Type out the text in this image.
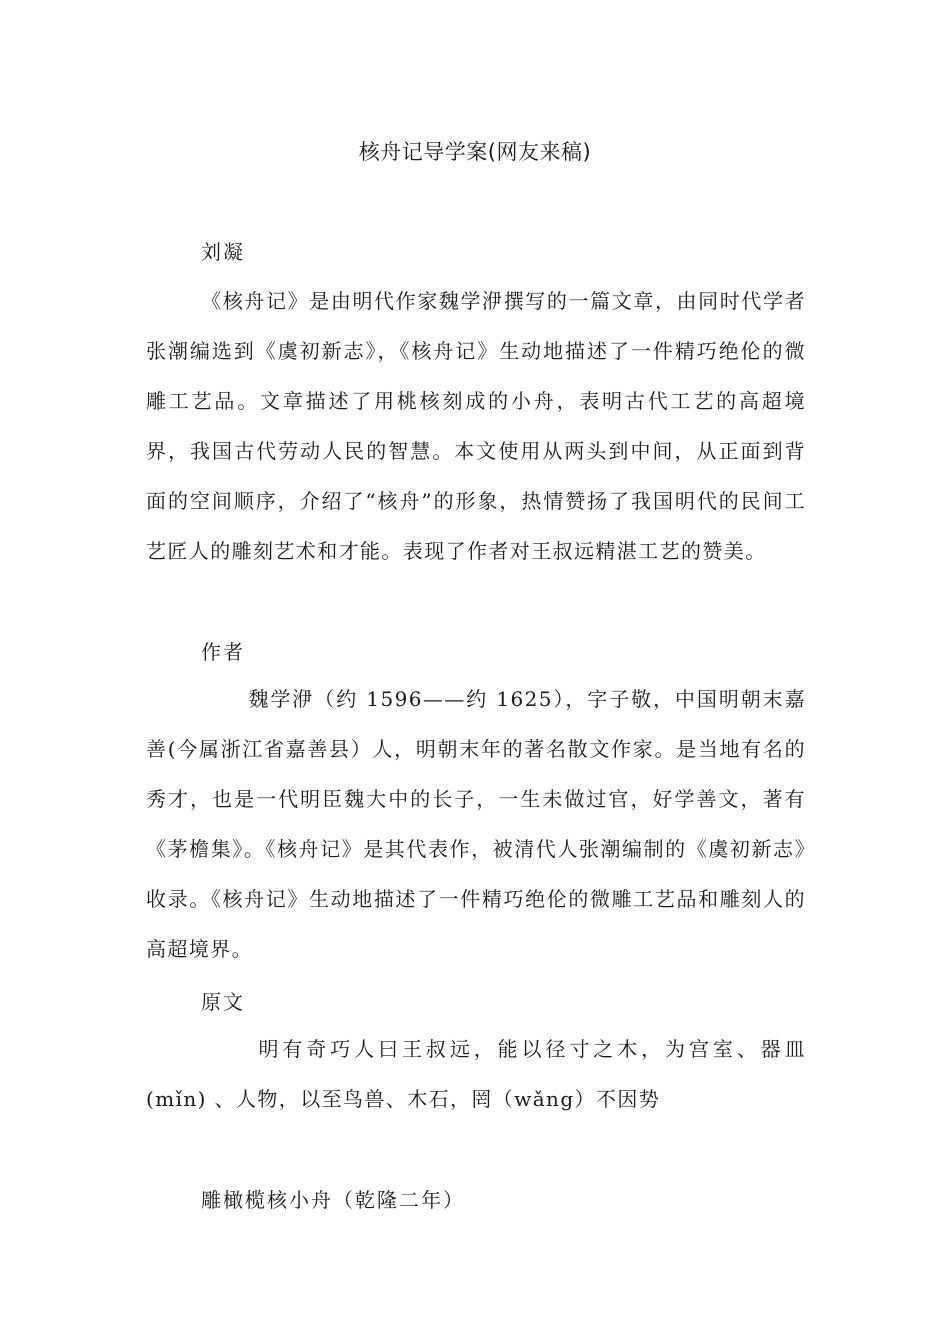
核舟记导学案(网友来稿)

刘凝

《核舟记》是由明代作家魏学洢撰写的一篇文章，由同时代学者张潮编选到《虞初新志》，《核舟记》生动地描述了一件精巧绝伦的微雕工艺品。文章描述了用桃核刻成的小舟，表明古代工艺的高超境界，我国古代劳动人民的智慧。本文使用从两头到中间，从正面到背面的空间顺序，介绍了“核舟”的形象，热情赞扬了我国明代的民间工艺匠人的雕刻艺术和才能。表现了作者对王叔远精湛工艺的赞美。

作者

魏学洢（约 1596——约 1625），字子敬，中国明朝末嘉善(今属浙江省嘉善县）人，明朝末年的著名散文作家。是当地有名的秀才，也是一代明臣魏大中的长子，一生未做过官，好学善文，著有《茅檐集》。《核舟记》是其代表作，被清代人张潮编制的《虞初新志》收录。《核舟记》生动地描述了一件精巧绝伦的微雕工艺品和雕刻人的高超境界。

原文

明有奇巧人曰王叔远，能以径寸之木，为宫室、器皿(mǐn) 、人物，以至鸟兽、木石，罔（wǎng）不因势

雕橄榄核小舟（乾隆二年）
